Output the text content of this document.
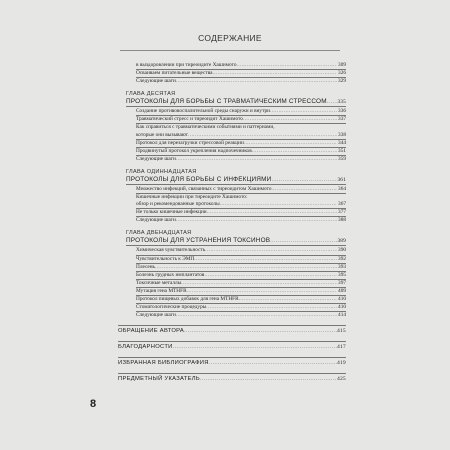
СОДЕРЖАНИЕ
в выздоровлении при тиреоидите Хашимото .....	309
Осваиваем питательные вещества .....	326
Следующие шаги .....	329
ГЛАВА ДЕСЯТАЯ
ПРОТОКОЛЫ ДЛЯ БОРЬБЫ С ТРАВМАТИЧЕСКИМ СТРЕССОМ ..... 335
Создание противовоспалительной среды снаружи и внутри .....	336
Травматический стресс и тиреоидит Хашимото .....	337
Как справиться с травматическими событиями и паттернами,
которые они вызывают .....	338
Протокол для перезагрузки стрессовой реакции .....	344
Продвинутый протокол укрепления надпочечников .....	351
Следующие шаги .....	359
ГЛАВА ОДИННАДЦАТАЯ
ПРОТОКОЛЫ ДЛЯ БОРЬБЫ С ИНФЕКЦИЯМИ .....	361
Множество инфекций, связанных с тиреоидитом Хашимото .....	364
Кишечные инфекции при тиреоидите Хашимото:
обзор и рекомендованные протоколы .....	367
Не только кишечные инфекции .....	377
Следующие шаги .....	388
ГЛАВА ДВЕНАДЦАТАЯ
ПРОТОКОЛЫ ДЛЯ УСТРАНЕНИЯ ТОКСИНОВ .....	389
Химическая чувствительность .....	390
Чувствительность к ЭМП .....	392
Плесень .....	393
Болезнь грудных имплантатов .....	395
Токсичные металлы .....	397
Мутация гена MTHFR .....	409
Протокол пищевых добавок для гена MTHFR .....	410
Стоматологические процедуры .....	410
Следующие шаги .....	414
ОБРАЩЕНИЕ АВТОРА .....	415
БЛАГОДАРНОСТИ .....	417
ИЗБРАННАЯ БИБЛИОГРАФИЯ .....	419
ПРЕДМЕТНЫЙ УКАЗАТЕЛЬ .....	425
8
